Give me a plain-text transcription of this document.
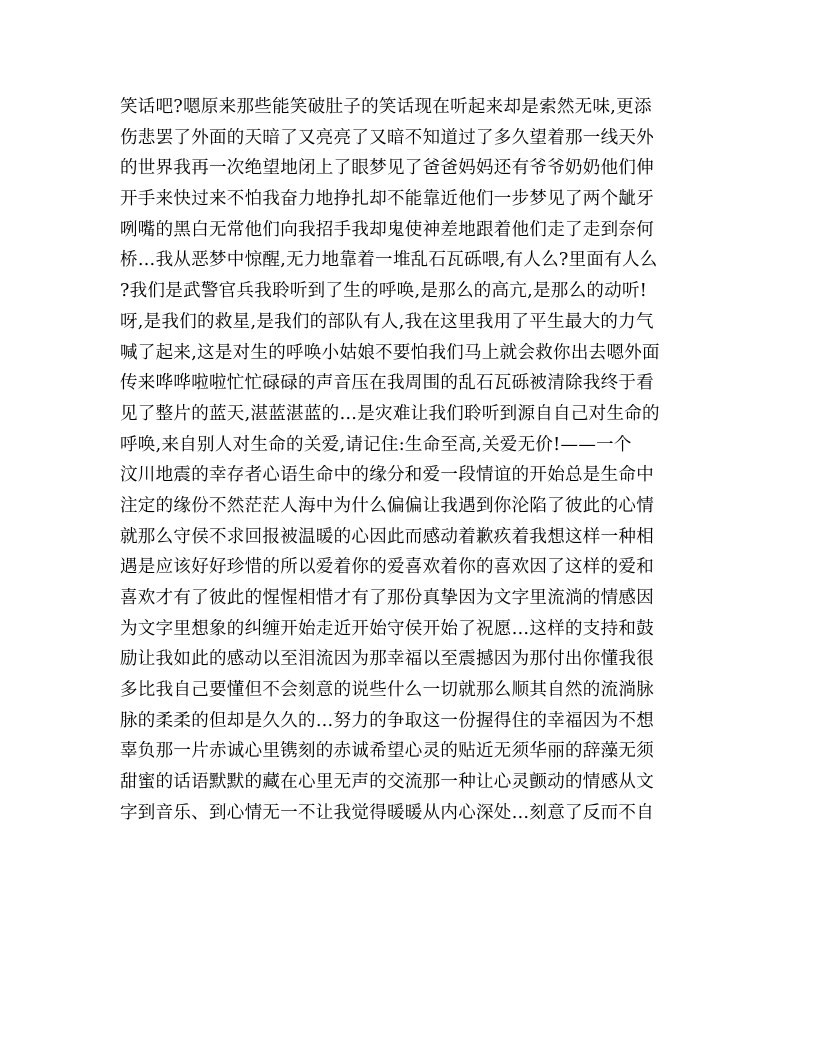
笑话吧?嗯原来那些能笑破肚子的笑话现在听起来却是索然无味,更添
伤悲罢了外面的天暗了又亮亮了又暗不知道过了多久望着那一线天外
的世界我再一次绝望地闭上了眼梦见了爸爸妈妈还有爷爷奶奶他们伸
开手来快过来不怕我奋力地挣扎却不能靠近他们一步梦见了两个龇牙
咧嘴的黑白无常他们向我招手我却鬼使神差地跟着他们走了走到奈何
桥…我从恶梦中惊醒,无力地靠着一堆乱石瓦砾喂,有人么?里面有人么
?我们是武警官兵我聆听到了生的呼唤,是那么的高亢,是那么的动听!
呀,是我们的救星,是我们的部队有人,我在这里我用了平生最大的力气
喊了起来,这是对生的呼唤小姑娘不要怕我们马上就会救你出去嗯外面
传来哗哗啦啦忙忙碌碌的声音压在我周围的乱石瓦砾被清除我终于看
见了整片的蓝天,湛蓝湛蓝的…是灾难让我们聆听到源自自己对生命的
呼唤,来自别人对生命的关爱,请记住:生命至高,关爱无价!——一个
汶川地震的幸存者心语生命中的缘分和爱一段情谊的开始总是生命中
注定的缘份不然茫茫人海中为什么偏偏让我遇到你沦陷了彼此的心情
就那么守侯不求回报被温暖的心因此而感动着歉疚着我想这样一种相
遇是应该好好珍惜的所以爱着你的爱喜欢着你的喜欢因了这样的爱和
喜欢才有了彼此的惺惺相惜才有了那份真挚因为文字里流淌的情感因
为文字里想象的纠缠开始走近开始守侯开始了祝愿…这样的支持和鼓
励让我如此的感动以至泪流因为那幸福以至震撼因为那付出你懂我很
多比我自己要懂但不会刻意的说些什么一切就那么顺其自然的流淌脉
脉的柔柔的但却是久久的…努力的争取这一份握得住的幸福因为不想
辜负那一片赤诚心里镌刻的赤诚希望心灵的贴近无须华丽的辞藻无须
甜蜜的话语默默的藏在心里无声的交流那一种让心灵颤动的情感从文
字到音乐、到心情无一不让我觉得暖暖从内心深处…刻意了反而不自
